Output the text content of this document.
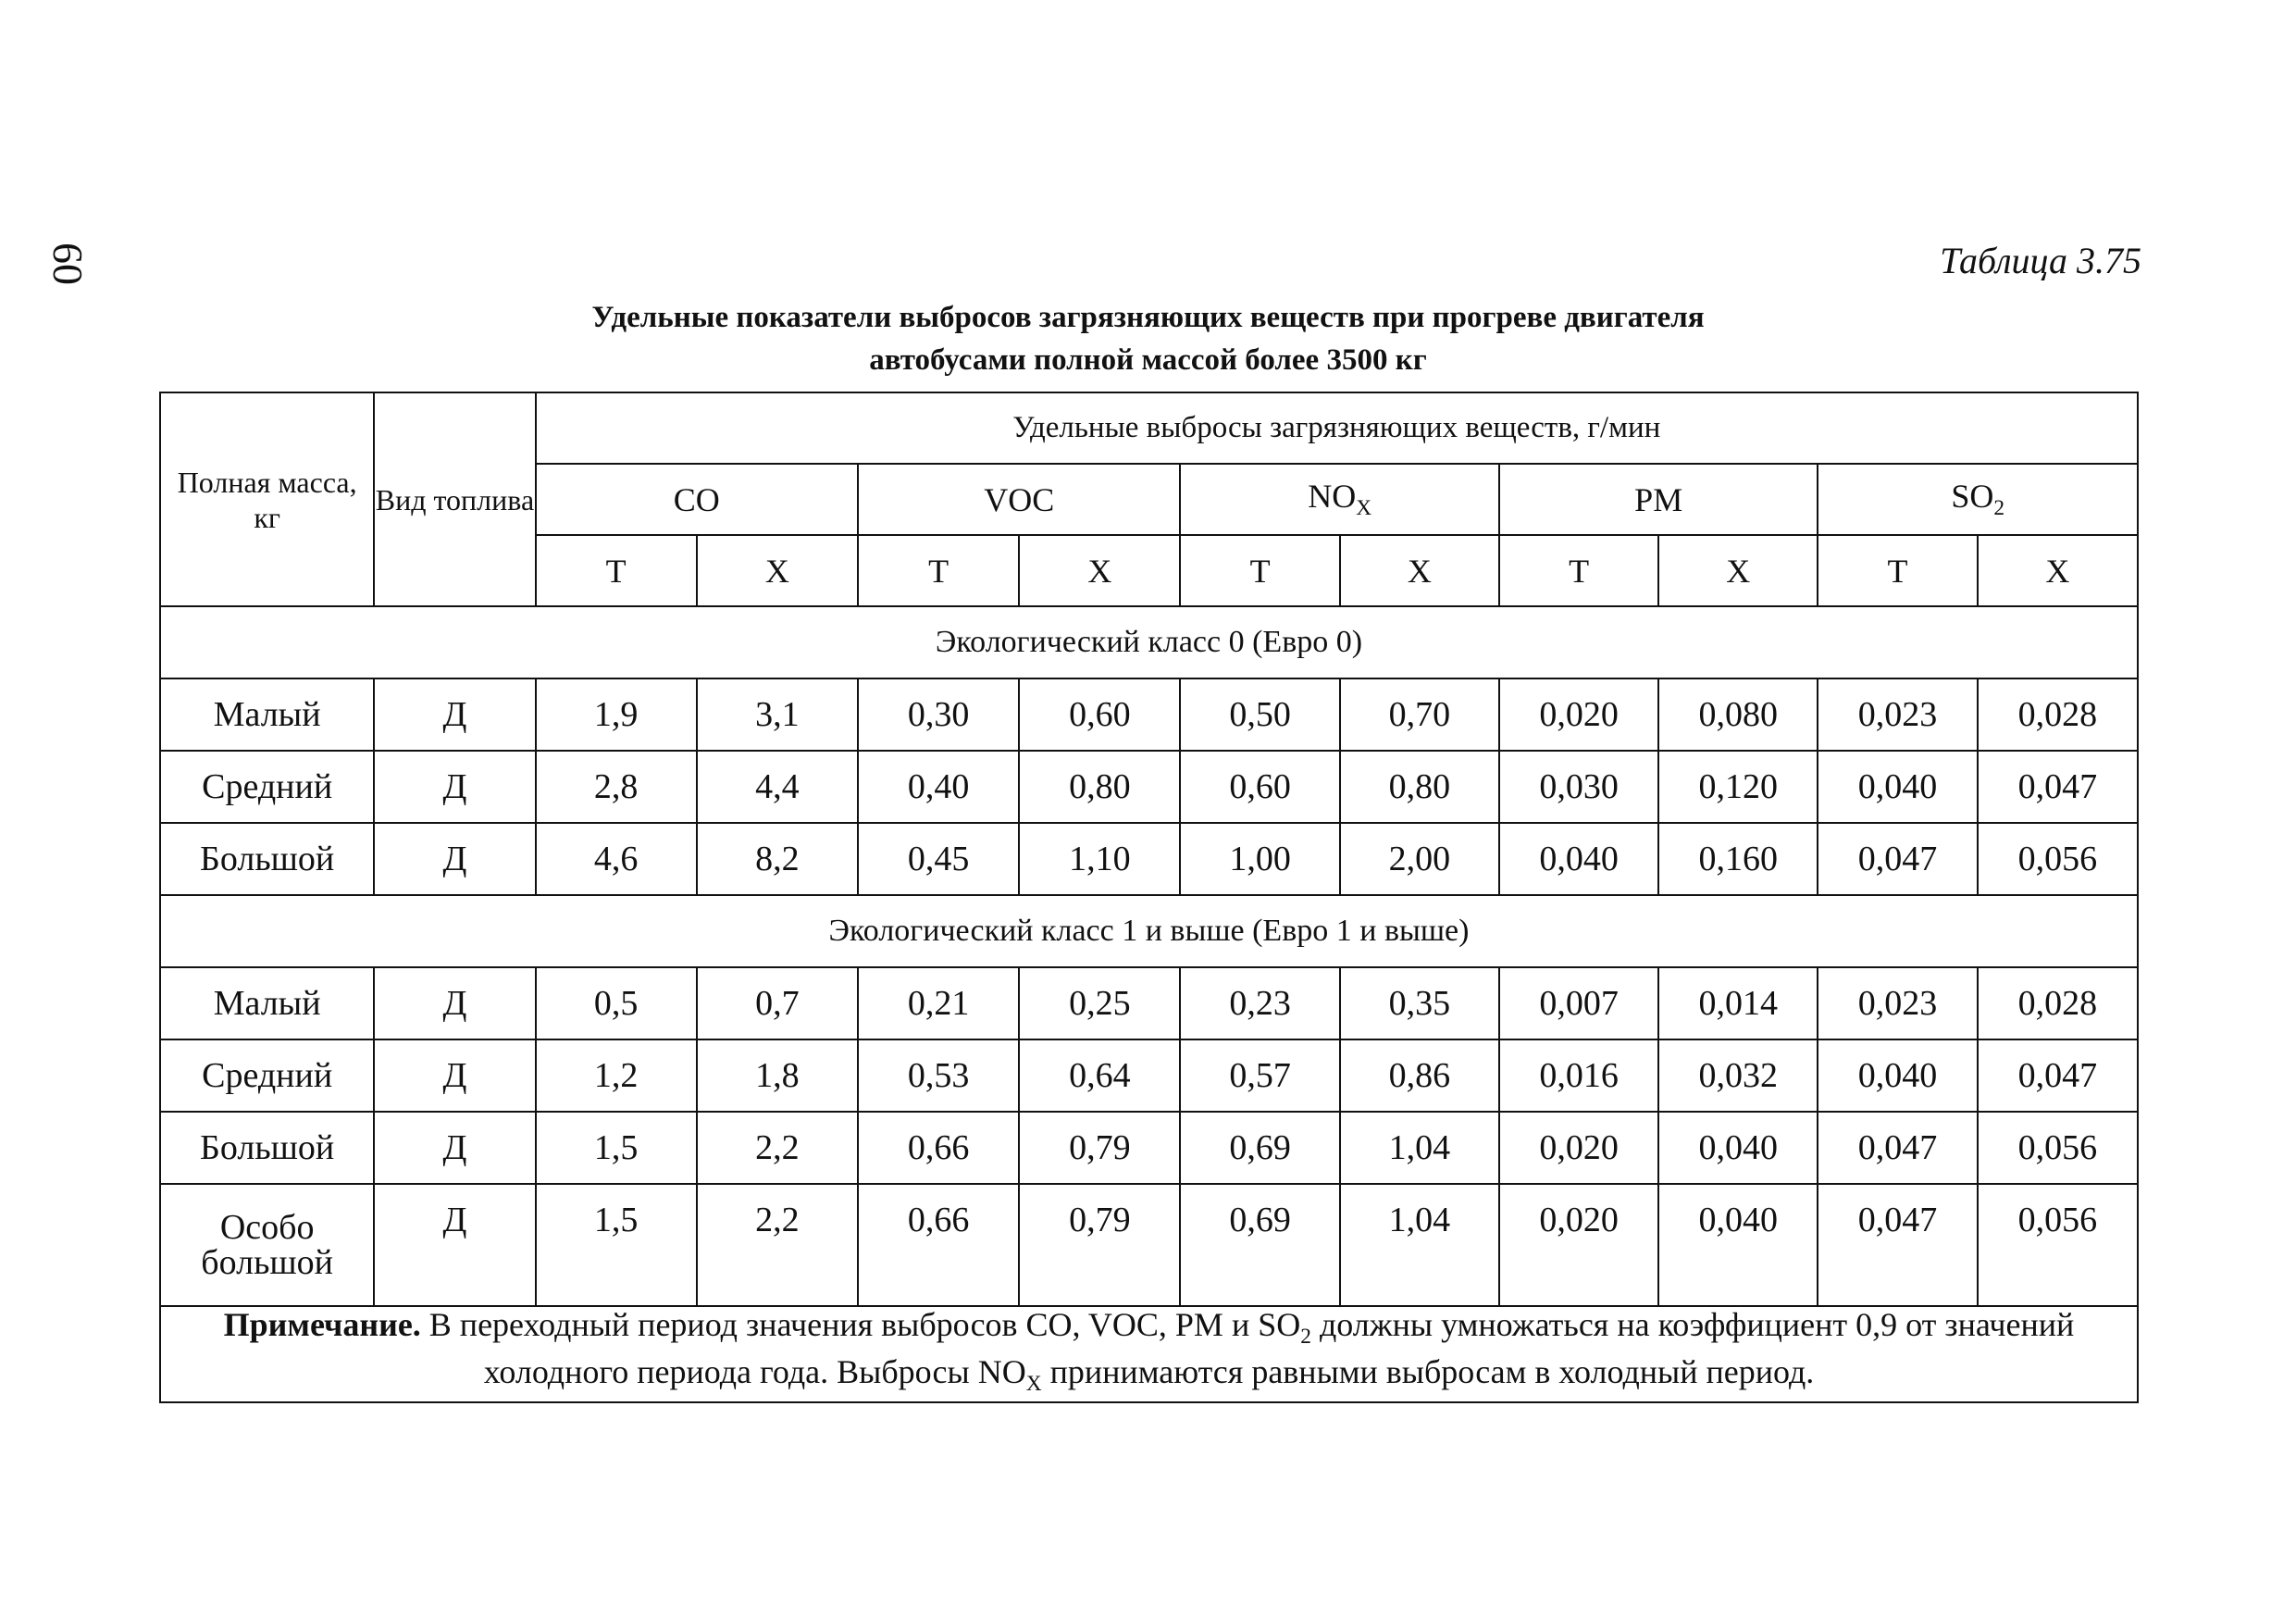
60	Таблица 3.75
Удельные показатели выбросов загрязняющих веществ при прогреве двигателя
автобусами полной массой более 3500 кг
Полная масса, кг	Вид топлива	Удельные выбросы загрязняющих веществ, г/мин									
		CO		VOC		$NO_X$		PM		$SO_2$
		Т	Х	Т	Х	Т	Х	Т	Х	Т	Х
Экологический класс 0 (Евро 0)											
Малый	Д	1,9	3,1	0,30	0,60	0,50	0,70	0,020	0,080	0,023	0,028
Средний	Д	2,8	4,4	0,40	0,80	0,60	0,80	0,030	0,120	0,040	0,047
Большой	Д	4,6	8,2	0,45	1,10	1,00	2,00	0,040	0,160	0,047	0,056
Экологический класс 1 и выше (Евро 1 и выше)											
Малый	Д	0,5	0,7	0,21	0,25	0,23	0,35	0,007	0,014	0,023	0,028
Средний	Д	1,2	1,8	0,53	0,64	0,57	0,86	0,016	0,032	0,040	0,047
Большой	Д	1,5	2,2	0,66	0,79	0,69	1,04	0,020	0,040	0,047	0,056
Особо
большой	Д	1,5	2,2	0,66	0,79	0,69	1,04	0,020	0,040	0,047	0,056
Примечание. В переходный период значения выбросов CO, VOC, PM и $SO_2$ должны умножаться на коэффициент 0,9 от значений холодного периода года. Выбросы $NO_X$ принимаются равными выбросам в холодный период.											
